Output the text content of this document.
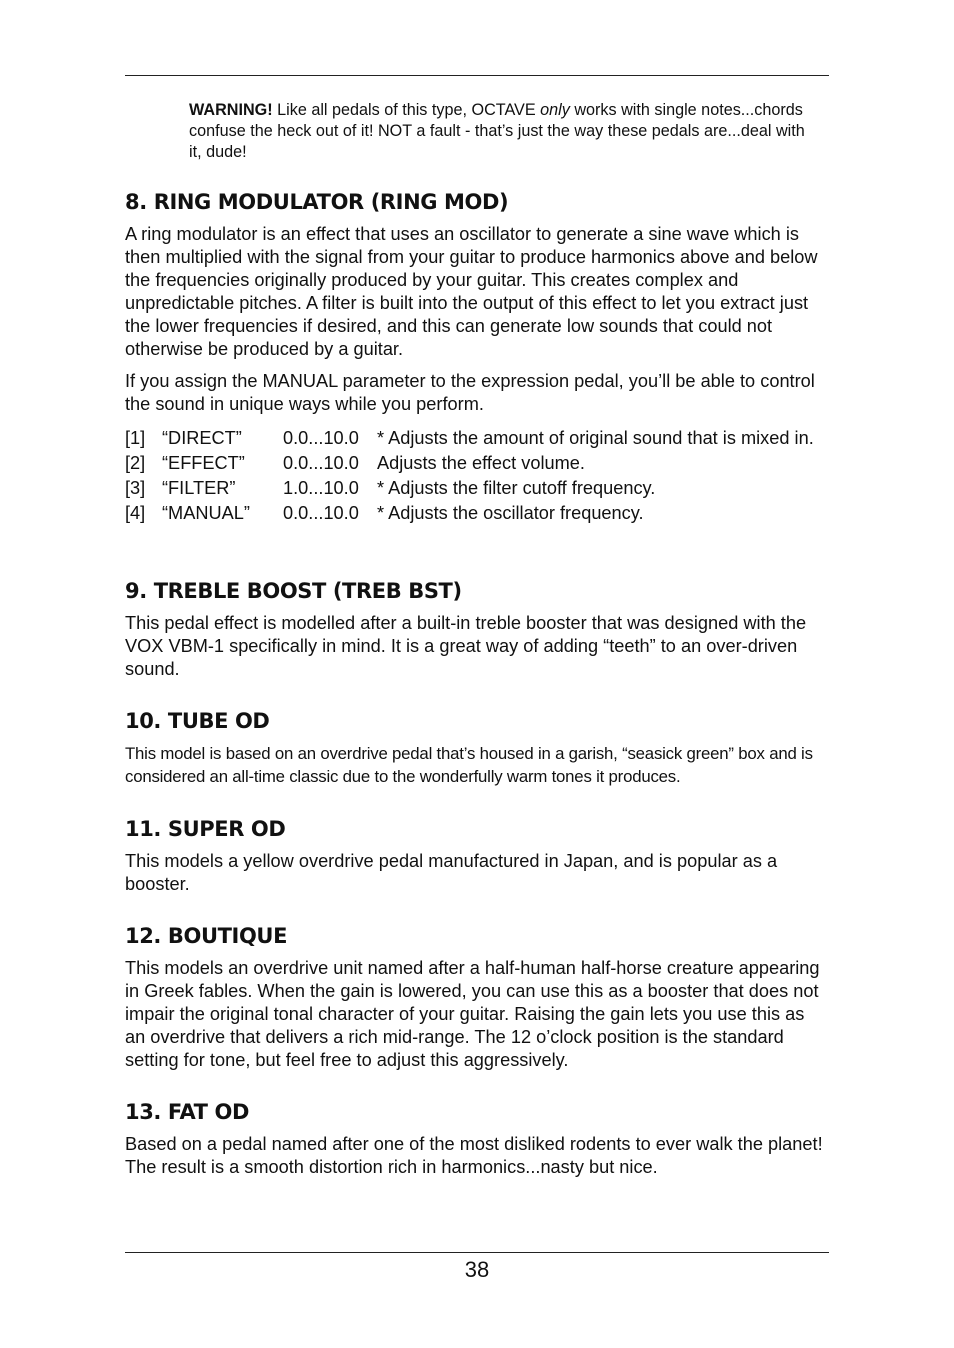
WARNING! Like all pedals of this type, OCTAVE only works with single notes...chords confuse the heck out of it! NOT a fault - that’s just the way these pedals are...deal with it, dude!
8. RING MODULATOR (RING MOD)

A ring modulator is an effect that uses an oscillator to generate a sine wave which is then multiplied with the signal from your guitar to produce harmonics above and below the frequencies originally produced by your guitar. This creates complex and unpredictable pitches. A filter is built into the output of this effect to let you extract just the lower frequencies if desired, and this can generate low sounds that could not otherwise be produced by a guitar.

If you assign the MANUAL parameter to the expression pedal, you’ll be able to control the sound in unique ways while you perform.

[1] “DIRECT”	0.0...10.0 * Adjusts the amount of original sound that is mixed in.
[2] “EFFECT”	0.0...10.0 Adjusts the effect volume.
[3] “FILTER”	1.0...10.0 * Adjusts the filter cutoff frequency.
[4] “MANUAL”	0.0...10.0 * Adjusts the oscillator frequency.
9. TREBLE BOOST (TREB BST)

This pedal effect is modelled after a built-in treble booster that was designed with the VOX VBM-1 specifically in mind. It is a great way of adding “teeth” to an over-driven sound.

10. TUBE OD

This model is based on an overdrive pedal that’s housed in a garish, “seasick green” box and is considered an all-time classic due to the wonderfully warm tones it produces.

11. SUPER OD

This models a yellow overdrive pedal manufactured in Japan, and is popular as a booster.

12. BOUTIQUE

This models an overdrive unit named after a half-human half-horse creature appearing in Greek fables. When the gain is lowered, you can use this as a booster that does not impair the original tonal character of your guitar. Raising the gain lets you use this as an overdrive that delivers a rich mid-range. The 12 o’clock position is the standard setting for tone, but feel free to adjust this aggressively.

13. FAT OD

Based on a pedal named after one of the most disliked rodents to ever walk the planet! The result is a smooth distortion rich in harmonics...nasty but nice.

38
